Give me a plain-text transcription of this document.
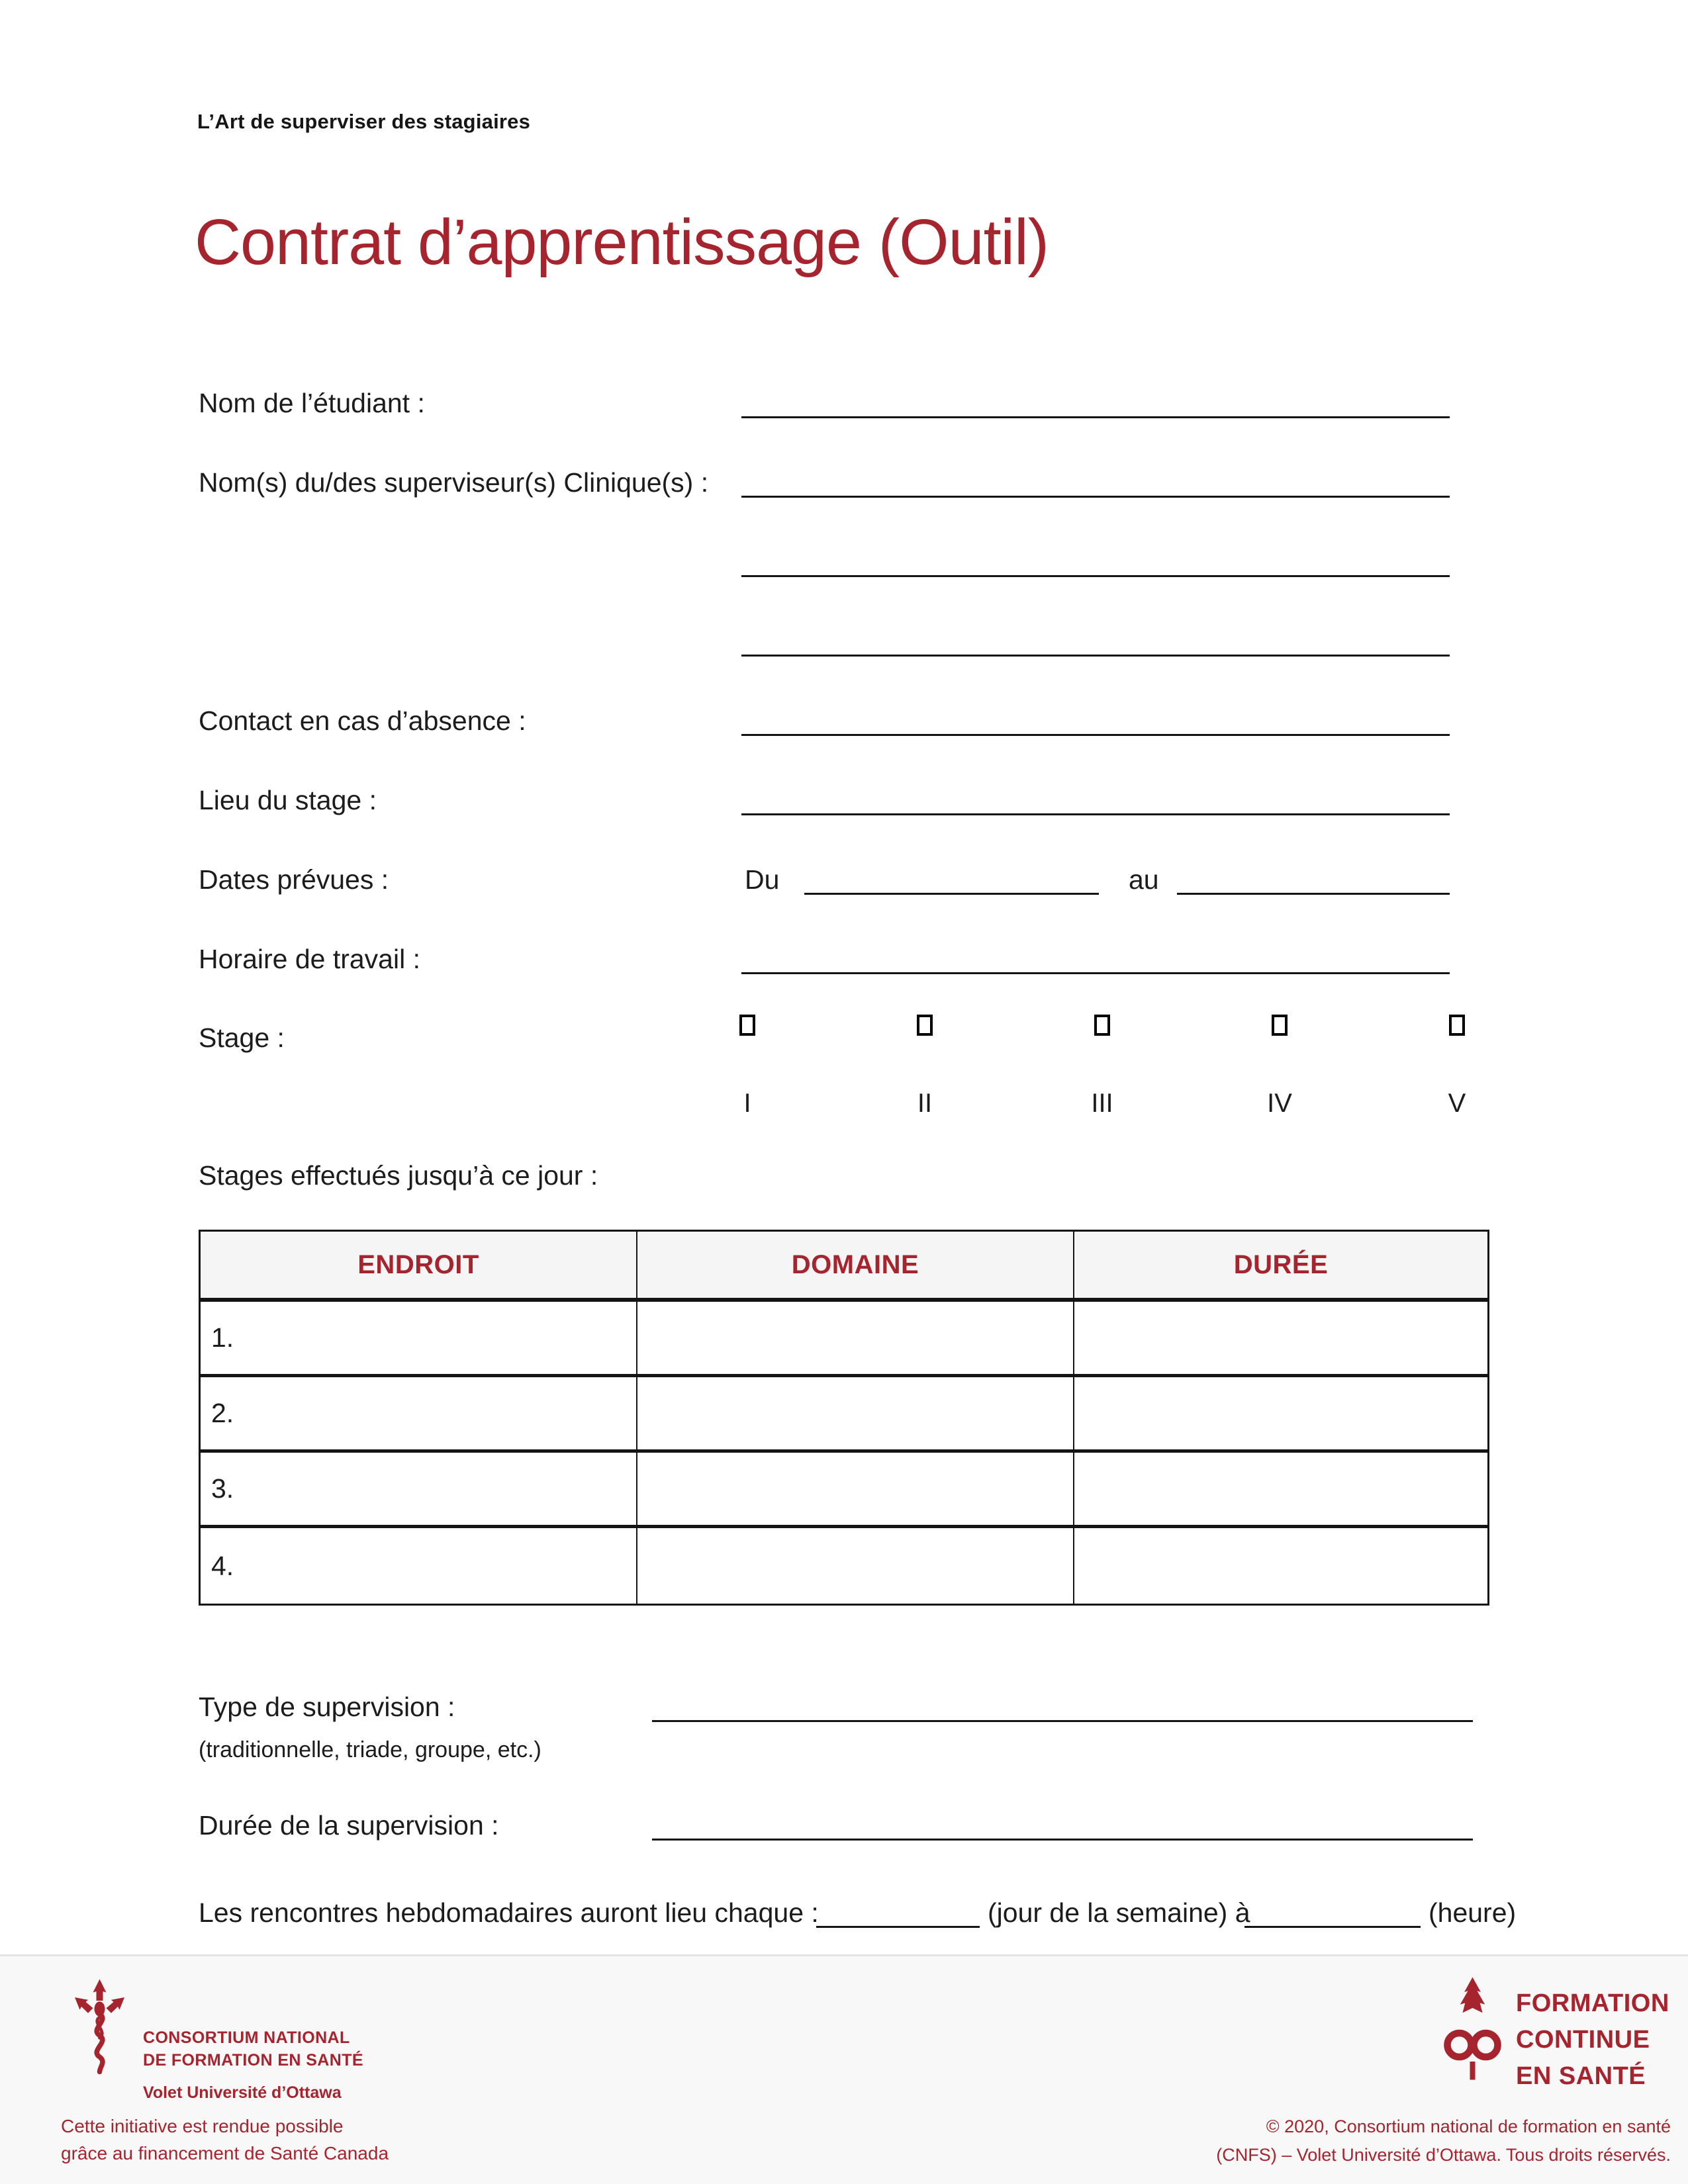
L’Art de superviser des stagiaires
Contrat d’apprentissage (Outil)
Nom de l’étudiant :
Nom(s) du/des superviseur(s) Clinique(s) :
Contact en cas d’absence :
Lieu du stage :
Dates prévues :	Du	au
Horaire de travail :
Stage :
I	II	III	IV	V
Stages effectués jusqu’à ce jour :
ENDROIT	DOMAINE	DURÉE
1.
2.
3.
4.
Type de supervision :
(traditionnelle, triade, groupe, etc.)
Durée de la supervision :
Les rencontres hebdomadaires auront lieu chaque :	(jour de la semaine) à	(heure)
CONSORTIUM NATIONAL
DE FORMATION EN SANTÉ
Volet Université d’Ottawa
Cette initiative est rendue possible
grâce au financement de Santé Canada
FORMATION
CONTINUE
EN SANTÉ
© 2020, Consortium national de formation en santé
(CNFS) – Volet Université d’Ottawa. Tous droits réservés.
